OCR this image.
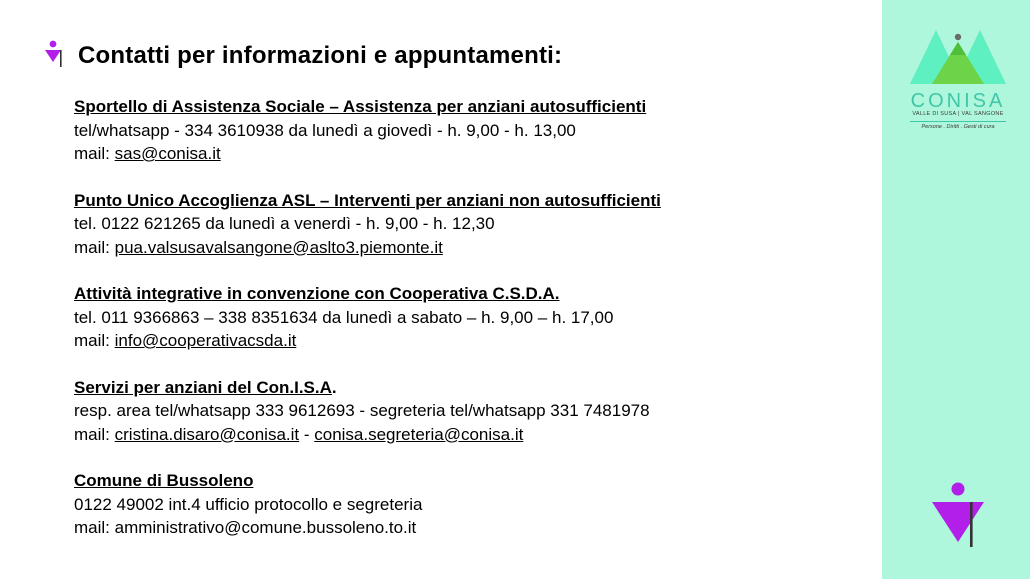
Contatti per informazioni e appuntamenti:
Sportello di Assistenza Sociale – Assistenza per anziani autosufficienti
tel/whatsapp - 334 3610938 da lunedì a giovedì - h. 9,00 - h. 13,00
mail: sas@conisa.it
Punto Unico Accoglienza ASL – Interventi per anziani non autosufficienti
tel. 0122 621265 da lunedì a venerdì - h. 9,00 - h. 12,30
mail: pua.valsusavalsangone@aslto3.piemonte.it
Attività integrative in convenzione con Cooperativa C.S.D.A.
tel. 011 9366863 – 338 8351634 da lunedì a sabato – h. 9,00 – h. 17,00
mail: info@cooperativacsda.it
Servizi per anziani del Con.I.S.A.
resp. area tel/whatsapp 333 9612693 - segreteria tel/whatsapp 331 7481978
mail: cristina.disaro@conisa.it - conisa.segreteria@conisa.it
Comune di Bussoleno
0122 49002 int.4 ufficio protocollo e segreteria
mail: amministrativo@comune.bussoleno.to.it
CONISA
VALLE DI SUSA | VAL SANGONE
Persone . Diritti . Gesti di cura
